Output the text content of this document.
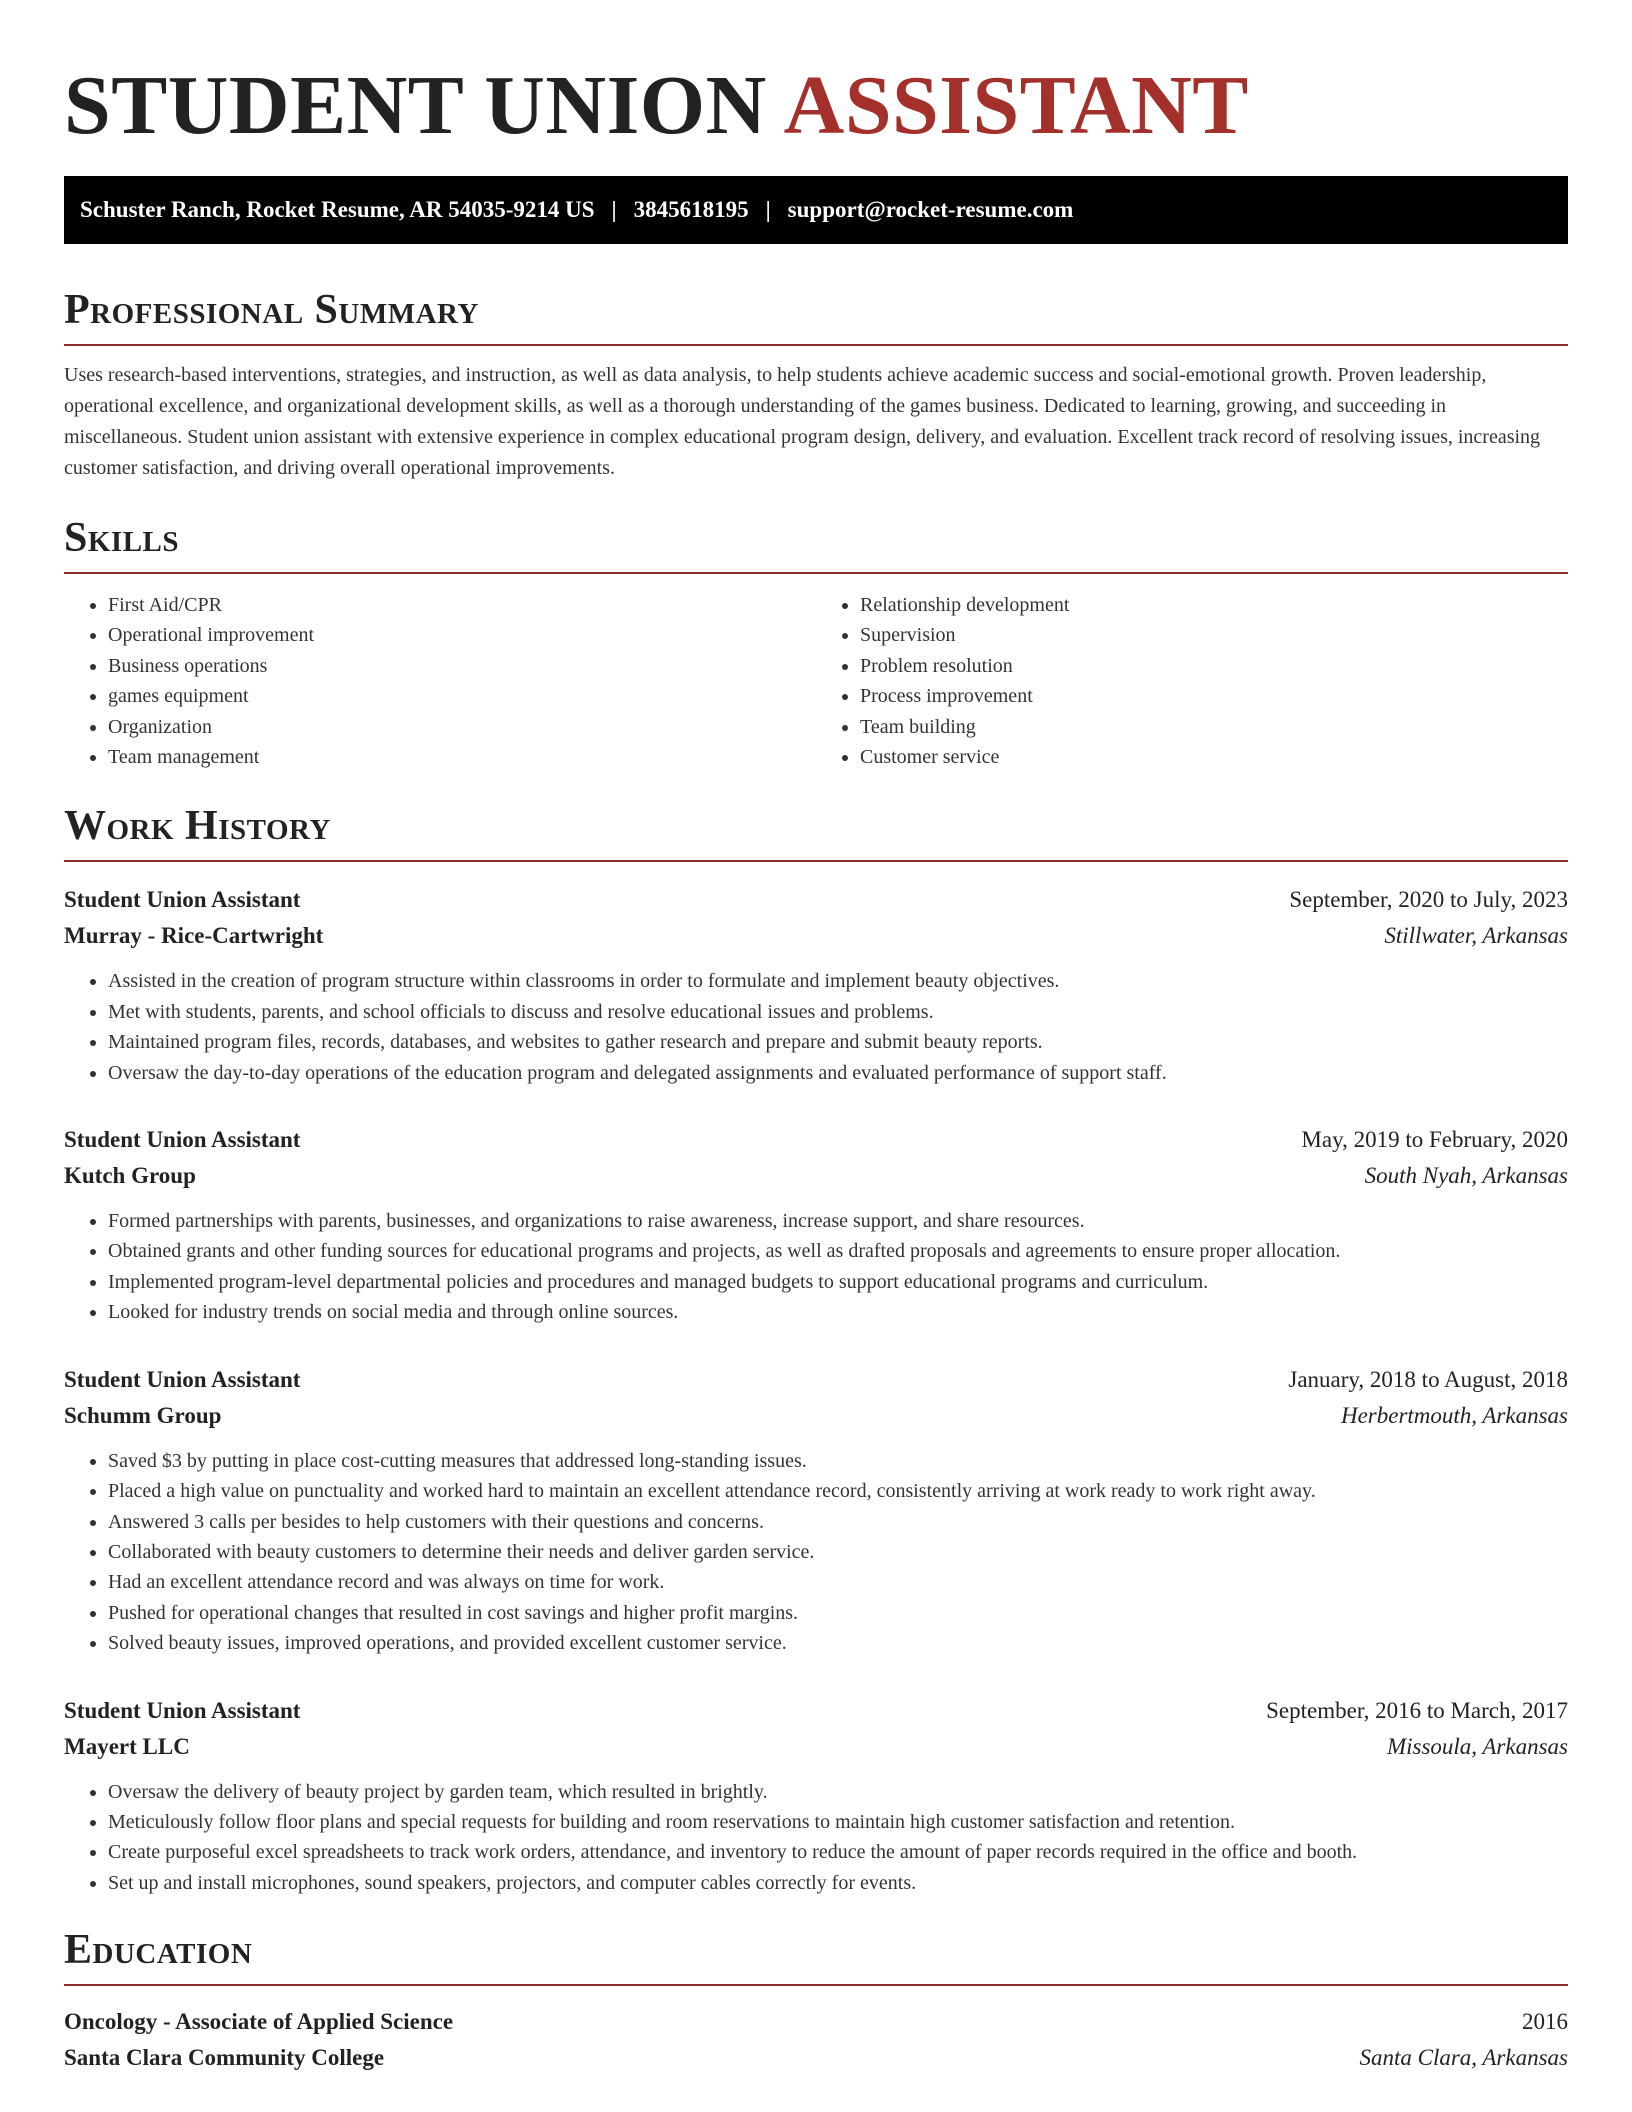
STUDENT UNION ASSISTANT
Schuster Ranch, Rocket Resume, AR 54035-9214 US | 3845618195 | support@rocket-resume.com
Professional Summary

Uses research-based interventions, strategies, and instruction, as well as data analysis, to help students achieve academic success and social-emotional growth. Proven leadership, operational excellence, and organizational development skills, as well as a thorough understanding of the games business. Dedicated to learning, growing, and succeeding in miscellaneous. Student union assistant with extensive experience in complex educational program design, delivery, and evaluation. Excellent track record of resolving issues, increasing customer satisfaction, and driving overall operational improvements.

Skills
• First Aid/CPR
• Operational improvement
• Business operations
• games equipment
• Organization
• Team management
• Relationship development
• Supervision
• Problem resolution
• Process improvement
• Team building
• Customer service
Work History
Student Union Assistant	September, 2020 to July, 2023
Murray - Rice-Cartwright	Stillwater, Arkansas
• Assisted in the creation of program structure within classrooms in order to formulate and implement beauty objectives.
• Met with students, parents, and school officials to discuss and resolve educational issues and problems.
• Maintained program files, records, databases, and websites to gather research and prepare and submit beauty reports.
• Oversaw the day-to-day operations of the education program and delegated assignments and evaluated performance of support staff.
Student Union Assistant	May, 2019 to February, 2020
Kutch Group	South Nyah, Arkansas
• Formed partnerships with parents, businesses, and organizations to raise awareness, increase support, and share resources.
• Obtained grants and other funding sources for educational programs and projects, as well as drafted proposals and agreements to ensure proper allocation.
• Implemented program-level departmental policies and procedures and managed budgets to support educational programs and curriculum.
• Looked for industry trends on social media and through online sources.
Student Union Assistant	January, 2018 to August, 2018
Schumm Group	Herbertmouth, Arkansas
• Saved $3 by putting in place cost-cutting measures that addressed long-standing issues.
• Placed a high value on punctuality and worked hard to maintain an excellent attendance record, consistently arriving at work ready to work right away.
• Answered 3 calls per besides to help customers with their questions and concerns.
• Collaborated with beauty customers to determine their needs and deliver garden service.
• Had an excellent attendance record and was always on time for work.
• Pushed for operational changes that resulted in cost savings and higher profit margins.
• Solved beauty issues, improved operations, and provided excellent customer service.
Student Union Assistant	September, 2016 to March, 2017
Mayert LLC	Missoula, Arkansas
• Oversaw the delivery of beauty project by garden team, which resulted in brightly.
• Meticulously follow floor plans and special requests for building and room reservations to maintain high customer satisfaction and retention.
• Create purposeful excel spreadsheets to track work orders, attendance, and inventory to reduce the amount of paper records required in the office and booth.
• Set up and install microphones, sound speakers, projectors, and computer cables correctly for events.
Education
Oncology - Associate of Applied Science	2016
Santa Clara Community College	Santa Clara, Arkansas
